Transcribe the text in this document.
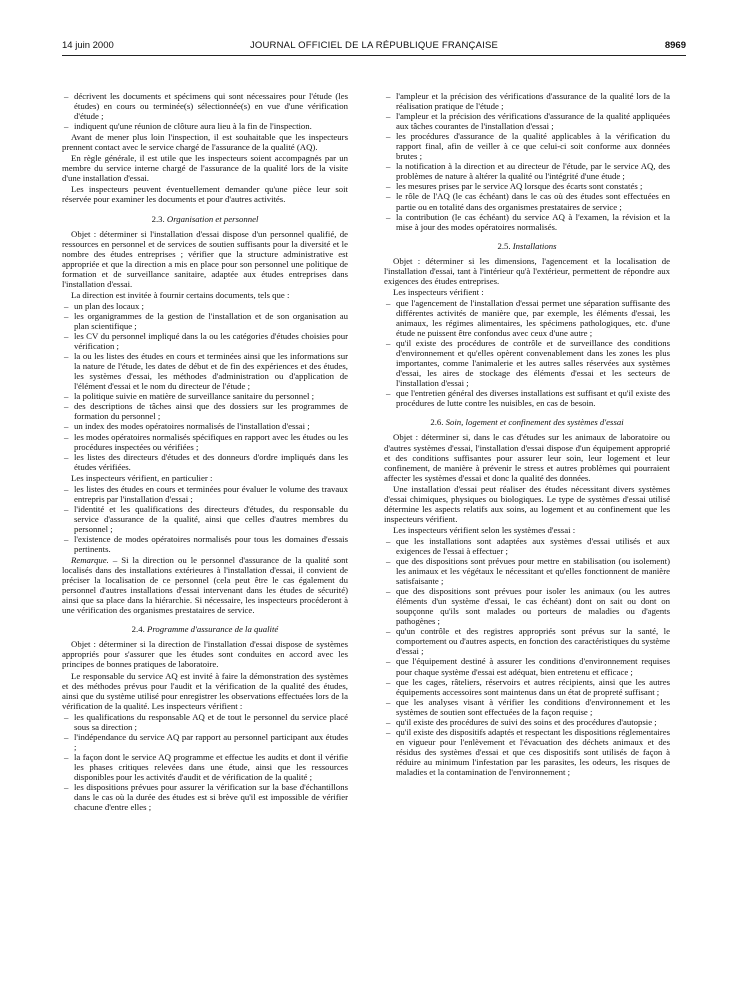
14 juin 2000	JOURNAL OFFICIEL DE LA RÉPUBLIQUE FRANÇAISE	8969
– décrivent les documents et spécimens qui sont nécessaires pour l'étude (les études) en cours ou terminée(s) sélectionnée(s) en vue d'une vérification d'étude ;
– indiquent qu'une réunion de clôture aura lieu à la fin de l'inspection.

Avant de mener plus loin l'inspection, il est souhaitable que les inspecteurs prennent contact avec le service chargé de l'assurance de la qualité (AQ).

En règle générale, il est utile que les inspecteurs soient accompagnés par un membre du service interne chargé de l'assurance de la qualité lors de la visite d'une installation d'essai.

Les inspecteurs peuvent éventuellement demander qu'une pièce leur soit réservée pour examiner les documents et pour d'autres activités.

2.3. Organisation et personnel

Objet : déterminer si l'installation d'essai dispose d'un personnel qualifié, de ressources en personnel et de services de soutien suffisants pour la diversité et le nombre des études entreprises ; vérifier que la structure administrative est appropriée et que la direction a mis en place pour son personnel une politique de formation et de surveillance sanitaire, adaptée aux études entreprises dans l'installation d'essai.

La direction est invitée à fournir certains documents, tels que :

– un plan des locaux ;
– les organigrammes de la gestion de l'installation et de son organisation au plan scientifique ;
– les CV du personnel impliqué dans la ou les catégories d'études choisies pour vérification ;
– la ou les listes des études en cours et terminées ainsi que les informations sur la nature de l'étude, les dates de début et de fin des expériences et des études, les systèmes d'essai, les méthodes d'administration ou d'application de l'élément d'essai et le nom du directeur de l'étude ;
– la politique suivie en matière de surveillance sanitaire du personnel ;
– des descriptions de tâches ainsi que des dossiers sur les programmes de formation du personnel ;
– un index des modes opératoires normalisés de l'installation d'essai ;
– les modes opératoires normalisés spécifiques en rapport avec les études ou les procédures inspectées ou vérifiées ;
– les listes des directeurs d'études et des donneurs d'ordre impliqués dans les études vérifiées.

Les inspecteurs vérifient, en particulier :

– les listes des études en cours et terminées pour évaluer le volume des travaux entrepris par l'installation d'essai ;
– l'identité et les qualifications des directeurs d'études, du responsable du service d'assurance de la qualité, ainsi que celles d'autres membres du personnel ;
– l'existence de modes opératoires normalisés pour tous les domaines d'essais pertinents.

Remarque. – Si la direction ou le personnel d'assurance de la qualité sont localisés dans des installations extérieures à l'installation d'essai, il convient de préciser la localisation de ce personnel (cela peut être le cas également du personnel d'autres installations d'essai intervenant dans les études de sécurité) ainsi que sa place dans la hiérarchie. Si nécessaire, les inspecteurs procéderont à une vérification des organismes prestataires de service.

2.4. Programme d'assurance de la qualité

Objet : déterminer si la direction de l'installation d'essai dispose de systèmes appropriés pour s'assurer que les études sont conduites en accord avec les principes de bonnes pratiques de laboratoire.

Le responsable du service AQ est invité à faire la démonstration des systèmes et des méthodes prévus pour l'audit et la vérification de la qualité des études, ainsi que du système utilisé pour enregistrer les observations effectuées lors de la vérification de la qualité. Les inspecteurs vérifient :

– les qualifications du responsable AQ et de tout le personnel du service placé sous sa direction ;
– l'indépendance du service AQ par rapport au personnel participant aux études ;
– la façon dont le service AQ programme et effectue les audits et dont il vérifie les phases critiques relevées dans une étude, ainsi que les ressources disponibles pour les activités d'audit et de vérification de la qualité ;
– les dispositions prévues pour assurer la vérification sur la base d'échantillons dans le cas où la durée des études est si brève qu'il est impossible de vérifier chacune d'entre elles ;
– l'ampleur et la précision des vérifications d'assurance de la qualité lors de la réalisation pratique de l'étude ;
– l'ampleur et la précision des vérifications d'assurance de la qualité appliquées aux tâches courantes de l'installation d'essai ;
– les procédures d'assurance de la qualité applicables à la vérification du rapport final, afin de veiller à ce que celui-ci soit conforme aux données brutes ;
– la notification à la direction et au directeur de l'étude, par le service AQ, des problèmes de nature à altérer la qualité ou l'intégrité d'une étude ;
– les mesures prises par le service AQ lorsque des écarts sont constatés ;
– le rôle de l'AQ (le cas échéant) dans le cas où des études sont effectuées en partie ou en totalité dans des organismes prestataires de service ;
– la contribution (le cas échéant) du service AQ à l'examen, la révision et la mise à jour des modes opératoires normalisés.
2.5. Installations

Objet : déterminer si les dimensions, l'agencement et la localisation de l'installation d'essai, tant à l'intérieur qu'à l'extérieur, permettent de répondre aux exigences des études entreprises.

Les inspecteurs vérifient :

– que l'agencement de l'installation d'essai permet une séparation suffisante des différentes activités de manière que, par exemple, les éléments d'essai, les animaux, les régimes alimentaires, les spécimens pathologiques, etc. d'une étude ne puissent être confondus avec ceux d'une autre ;
– qu'il existe des procédures de contrôle et de surveillance des conditions d'environnement et qu'elles opèrent convenablement dans les zones les plus importantes, comme l'animalerie et les autres salles réservées aux systèmes d'essai, les aires de stockage des éléments d'essai et les secteurs de l'installation d'essai ;
– que l'entretien général des diverses installations est suffisant et qu'il existe des procédures de lutte contre les nuisibles, en cas de besoin.
2.6. Soin, logement et confinement des systèmes d'essai

Objet : déterminer si, dans le cas d'études sur les animaux de laboratoire ou d'autres systèmes d'essai, l'installation d'essai dispose d'un équipement approprié et des conditions suffisantes pour assurer leur soin, leur logement et leur confinement, de manière à prévenir le stress et autres problèmes qui pourraient affecter les systèmes d'essai et donc la qualité des données.

Une installation d'essai peut réaliser des études nécessitant divers systèmes d'essai chimiques, physiques ou biologiques. Le type de systèmes d'essai utilisé détermine les aspects relatifs aux soins, au logement et au confinement que les inspecteurs vérifient.

Les inspecteurs vérifient selon les systèmes d'essai :

– que les installations sont adaptées aux systèmes d'essai utilisés et aux exigences de l'essai à effectuer ;
– que des dispositions sont prévues pour mettre en stabilisation (ou isolement) les animaux et les végétaux le nécessitant et qu'elles fonctionnent de manière satisfaisante ;
– que des dispositions sont prévues pour isoler les animaux (ou les autres éléments d'un système d'essai, le cas échéant) dont on sait ou dont on soupçonne qu'ils sont malades ou porteurs de maladies ou d'agents pathogènes ;
– qu'un contrôle et des registres appropriés sont prévus sur la santé, le comportement ou d'autres aspects, en fonction des caractéristiques du système d'essai ;
– que l'équipement destiné à assurer les conditions d'environnement requises pour chaque système d'essai est adéquat, bien entretenu et efficace ;
– que les cages, râteliers, réservoirs et autres récipients, ainsi que les autres équipements accessoires sont maintenus dans un état de propreté suffisant ;
– que les analyses visant à vérifier les conditions d'environnement et les systèmes de soutien sont effectuées de la façon requise ;
– qu'il existe des procédures de suivi des soins et des procédures d'autopsie ;
– qu'il existe des dispositifs adaptés et respectant les dispositions réglementaires en vigueur pour l'enlèvement et l'évacuation des déchets animaux et des résidus des systèmes d'essai et que ces dispositifs sont utilisés de façon à réduire au minimum l'infestation par les parasites, les odeurs, les risques de maladies et la contamination de l'environnement ;
